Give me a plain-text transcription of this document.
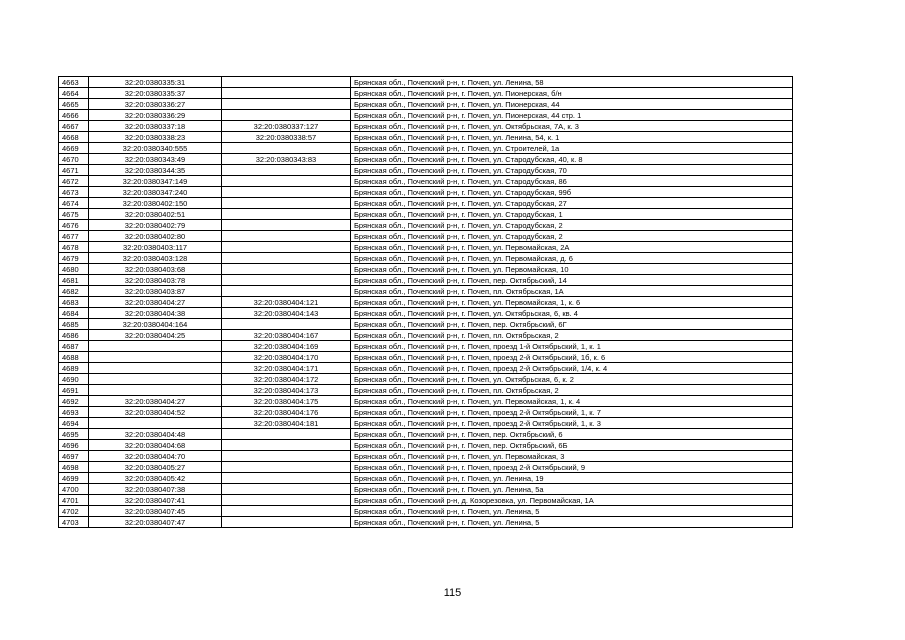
4663	32:20:0380335:31		Брянская обл., Почепский р-н, г. Почеп, ул. Ленина, 58
4664	32:20:0380335:37		Брянская обл., Почепский р-н, г. Почеп, ул. Пионерская, б/н
4665	32:20:0380336:27		Брянская обл., Почепский р-н, г. Почеп, ул. Пионерская, 44
4666	32:20:0380336:29		Брянская обл., Почепский р-н, г. Почеп, ул. Пионерская, 44 стр. 1
4667	32:20:0380337:18	32:20:0380337:127	Брянская обл., Почепский р-н, г. Почеп, ул. Октябрьская, 7А, к. 3
4668	32:20:0380338:23	32:20:0380338:57	Брянская обл., Почепский р-н, г. Почеп, ул. Ленина, 54, к. 1
4669	32:20:0380340:555		Брянская обл., Почепский р-н, г. Почеп, ул. Строителей, 1а
4670	32:20:0380343:49	32:20:0380343:83	Брянская обл., Почепский р-н, г. Почеп, ул. Стародубская, 40, к. 8
4671	32:20:0380344:35		Брянская обл., Почепский р-н, г. Почеп, ул. Стародубская, 70
4672	32:20:0380347:149		Брянская обл., Почепский р-н, г. Почеп, ул. Стародубская, 86
4673	32:20:0380347:240		Брянская обл., Почепский р-н, г. Почеп, ул. Стародубская, 99б
4674	32:20:0380402:150		Брянская обл., Почепский р-н, г. Почеп, ул. Стародубская, 27
4675	32:20:0380402:51		Брянская обл., Почепский р-н, г. Почеп, ул. Стародубская, 1
4676	32:20:0380402:79		Брянская обл., Почепский р-н, г. Почеп, ул. Стародубская, 2
4677	32:20:0380402:80		Брянская обл., Почепский р-н, г. Почеп, ул. Стародубская, 2
4678	32:20:0380403:117		Брянская обл., Почепский р-н, г. Почеп, ул. Первомайская, 2А
4679	32:20:0380403:128		Брянская обл., Почепский р-н, г. Почеп, ул. Первомайская, д. 6
4680	32:20:0380403:68		Брянская обл., Почепский р-н, г. Почеп, ул. Первомайская, 10
4681	32:20:0380403:78		Брянская обл., Почепский р-н, г. Почеп, пер. Октябрьский, 14
4682	32:20:0380403:87		Брянская обл., Почепский р-н, г. Почеп, пл. Октябрьская, 1А
4683	32:20:0380404:27	32:20:0380404:121	Брянская обл., Почепский р-н, г. Почеп, ул. Первомайская, 1, к. 6
4684	32:20:0380404:38	32:20:0380404:143	Брянская обл., Почепский р-н, г. Почеп, ул. Октябрьская, 6, кв. 4
4685	32:20:0380404:164		Брянская обл., Почепский р-н, г. Почеп, пер. Октябрьский, 6Г
4686	32:20:0380404:25	32:20:0380404:167	Брянская обл., Почепский р-н, г. Почеп, пл. Октябрьская, 2
4687		32:20:0380404:169	Брянская обл., Почепский р-н, г. Почеп, проезд 1-й Октябрьский, 1, к. 1
4688		32:20:0380404:170	Брянская обл., Почепский р-н, г. Почеп, проезд 2-й Октябрьский, 1б, к. 6
4689		32:20:0380404:171	Брянская обл., Почепский р-н, г. Почеп, проезд 2-й Октябрьский, 1/4, к. 4
4690		32:20:0380404:172	Брянская обл., Почепский р-н, г. Почеп, ул. Октябрьская, 6, к. 2
4691		32:20:0380404:173	Брянская обл., Почепский р-н, г. Почеп, пл. Октябрьская, 2
4692	32:20:0380404:27	32:20:0380404:175	Брянская обл., Почепский р-н, г. Почеп, ул. Первомайская, 1, к. 4
4693	32:20:0380404:52	32:20:0380404:176	Брянская обл., Почепский р-н, г. Почеп, проезд 2-й Октябрьский, 1, к. 7
4694		32:20:0380404:181	Брянская обл., Почепский р-н, г. Почеп, проезд 2-й Октябрьский, 1, к. 3
4695	32:20:0380404:48		Брянская обл., Почепский р-н, г. Почеп, пер. Октябрьский, 6
4696	32:20:0380404:68		Брянская обл., Почепский р-н, г. Почеп, пер. Октябрьский, 6Б
4697	32:20:0380404:70		Брянская обл., Почепский р-н, г. Почеп, ул. Первомайская, 3
4698	32:20:0380405:27		Брянская обл., Почепский р-н, г. Почеп, проезд 2-й Октябрьский, 9
4699	32:20:0380405:42		Брянская обл., Почепский р-н, г. Почеп, ул. Ленина, 19
4700	32:20:0380407:38		Брянская обл., Почепский р-н, г. Почеп, ул. Ленина, 5а
4701	32:20:0380407:41		Брянская обл., Почепский р-н, д. Козорезовка, ул. Первомайская, 1А
4702	32:20:0380407:45		Брянская обл., Почепский р-н, г. Почеп, ул. Ленина, 5
4703	32:20:0380407:47		Брянская обл., Почепский р-н, г. Почеп, ул. Ленина, 5
115
